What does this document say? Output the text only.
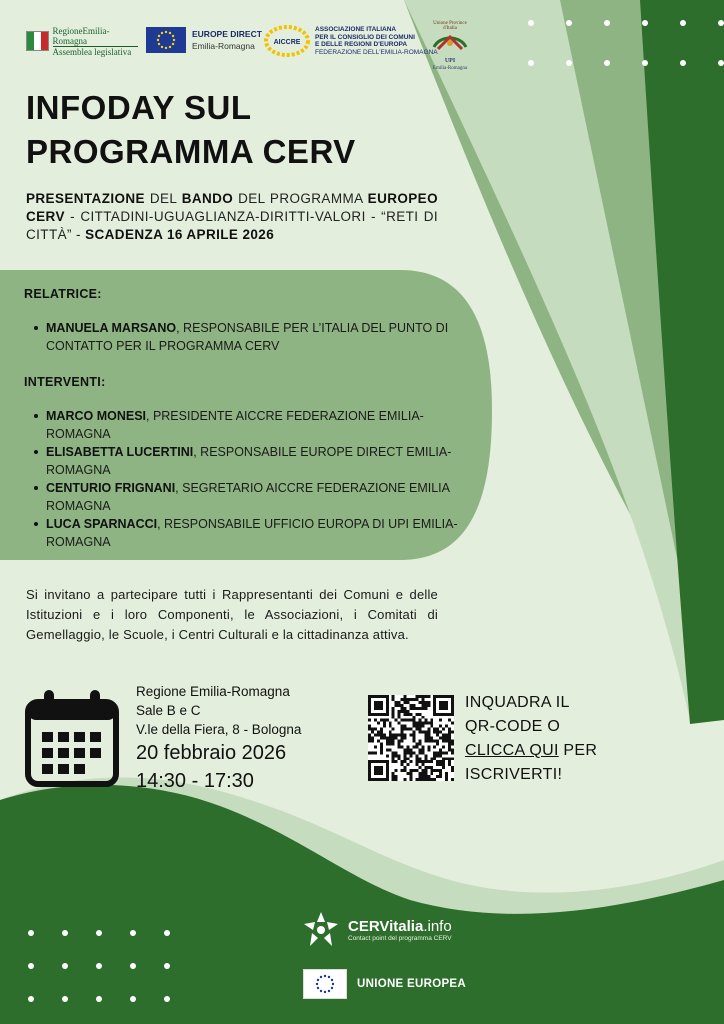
RegioneEmilia-Romagna
Assemblea legislativa
EUROPE DIRECT
Emilia-Romagna	AICCRE
ASSOCIAZIONE ITALIANA
PER IL CONSIGLIO DEI COMUNI
E DELLE REGIONI D'EUROPA
FEDERAZIONE DELL'EMILIA-ROMAGNA
Unione Province d'Italia
UPI
Emilia-Romagna
INFODAY SUL
PROGRAMMA CERV
PRESENTAZIONE DEL BANDO DEL PROGRAMMA EUROPEO CERV - CITTADINI-UGUAGLIANZA-DIRITTI-VALORI - “RETI DI CITTÀ” - SCADENZA 16 APRILE 2026
RELATRICE:
MANUELA MARSANO, RESPONSABILE PER L’ITALIA DEL PUNTO DI CONTATTO PER IL PROGRAMMA CERV
INTERVENTI:
MARCO MONESI, PRESIDENTE AICCRE FEDERAZIONE EMILIA-ROMAGNA
ELISABETTA LUCERTINI, RESPONSABILE EUROPE DIRECT EMILIA-ROMAGNA
CENTURIO FRIGNANI, SEGRETARIO AICCRE FEDERAZIONE EMILIA ROMAGNA
LUCA SPARNACCI, RESPONSABILE UFFICIO EUROPA DI UPI EMILIA-ROMAGNA
Si invitano a partecipare tutti i Rappresentanti dei Comuni e delle Istituzioni e i loro Componenti, le Associazioni, i Comitati di Gemellaggio, le Scuole, i Centri Culturali e la cittadinanza attiva.
Regione Emilia-Romagna
Sale B e C
V.le della Fiera, 8 - Bologna
20 febbraio 2026
14:30 - 17:30
INQUADRA IL
QR-CODE O
CLICCA QUI PER
ISCRIVERTI!
CERVitalia.info
Contact point del programma CERV
UNIONE EUROPEA
